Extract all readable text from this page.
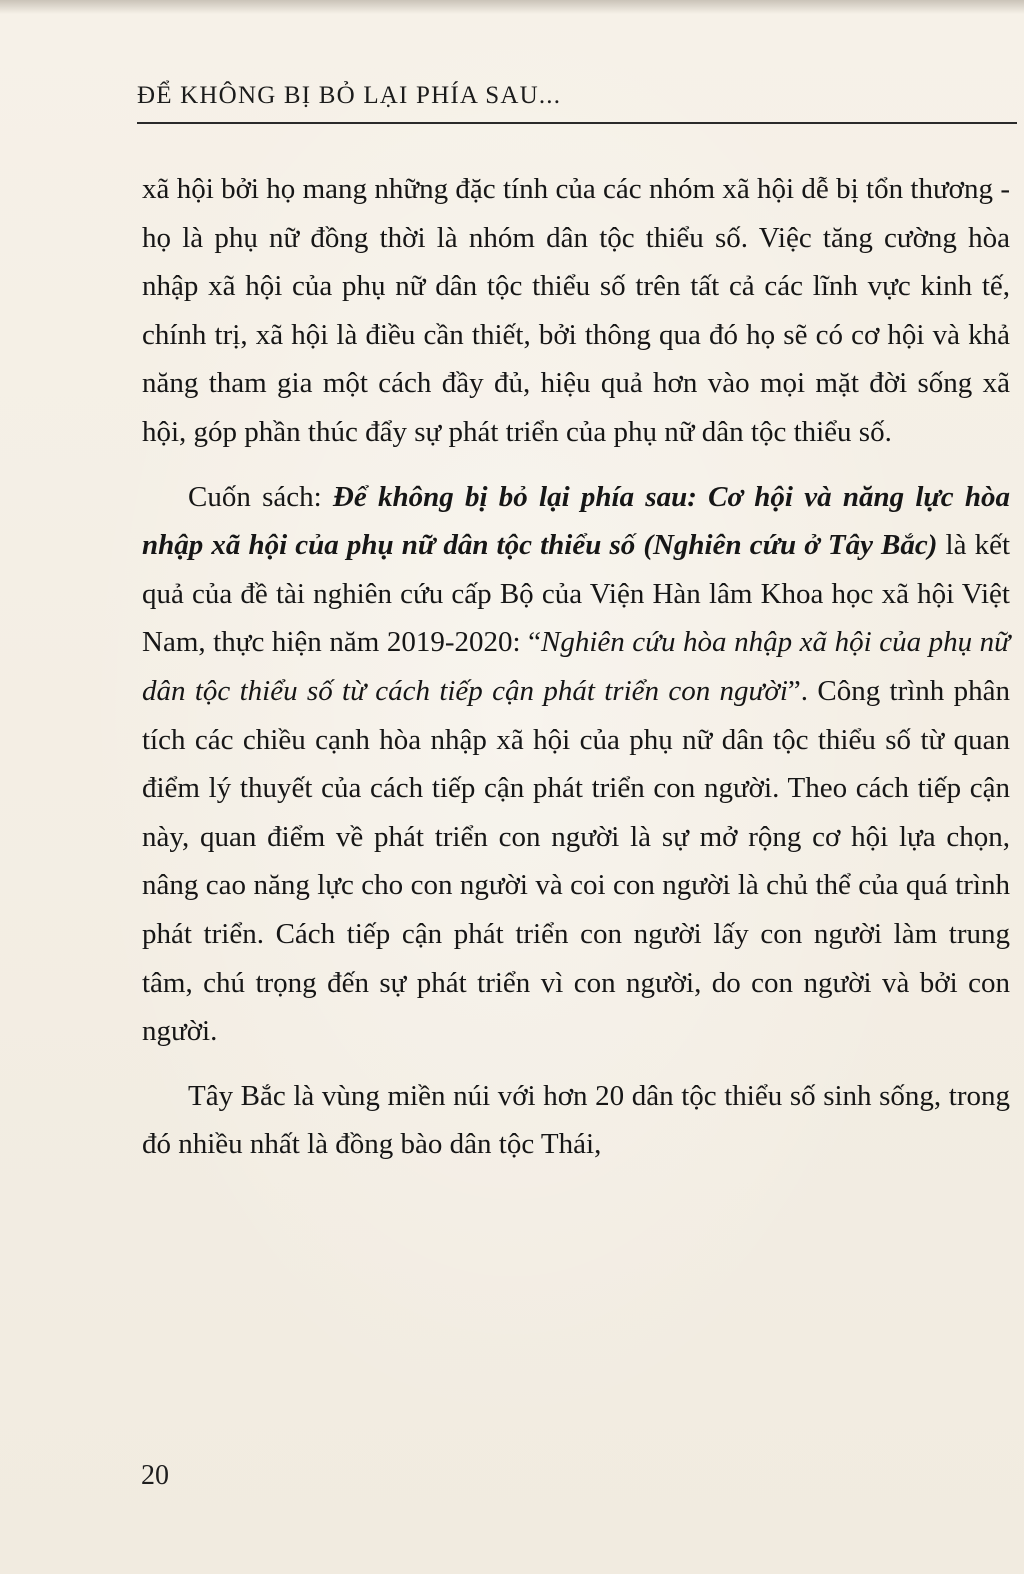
ĐỂ KHÔNG BỊ BỎ LẠI PHÍA SAU...

xã hội bởi họ mang những đặc tính của các nhóm xã hội dễ bị tổn thương - họ là phụ nữ đồng thời là nhóm dân tộc thiểu số. Việc tăng cường hòa nhập xã hội của phụ nữ dân tộc thiểu số trên tất cả các lĩnh vực kinh tế, chính trị, xã hội là điều cần thiết, bởi thông qua đó họ sẽ có cơ hội và khả năng tham gia một cách đầy đủ, hiệu quả hơn vào mọi mặt đời sống xã hội, góp phần thúc đẩy sự phát triển của phụ nữ dân tộc thiểu số.

Cuốn sách: Để không bị bỏ lại phía sau: Cơ hội và năng lực hòa nhập xã hội của phụ nữ dân tộc thiểu số (Nghiên cứu ở Tây Bắc) là kết quả của đề tài nghiên cứu cấp Bộ của Viện Hàn lâm Khoa học xã hội Việt Nam, thực hiện năm 2019-2020: “Nghiên cứu hòa nhập xã hội của phụ nữ dân tộc thiểu số từ cách tiếp cận phát triển con người”. Công trình phân tích các chiều cạnh hòa nhập xã hội của phụ nữ dân tộc thiểu số từ quan điểm lý thuyết của cách tiếp cận phát triển con người. Theo cách tiếp cận này, quan điểm về phát triển con người là sự mở rộng cơ hội lựa chọn, nâng cao năng lực cho con người và coi con người là chủ thể của quá trình phát triển. Cách tiếp cận phát triển con người lấy con người làm trung tâm, chú trọng đến sự phát triển vì con người, do con người và bởi con người.

Tây Bắc là vùng miền núi với hơn 20 dân tộc thiểu số sinh sống, trong đó nhiều nhất là đồng bào dân tộc Thái,

20
